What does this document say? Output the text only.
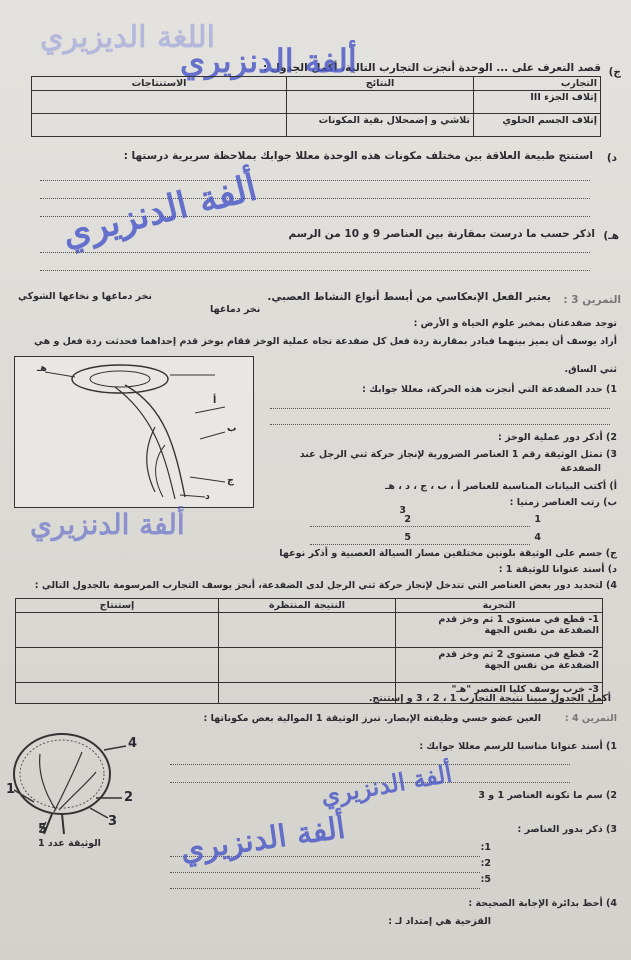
اللغة الديزيري
ج)
قصد التعرف على ... الوحدة أنجزت التجارب التالية، أكمل الجدول :
ألفة الدنزيري
التجارب	النتائج	الاستنتاجات
إتلاف الجزء III		
إتلاف الجسم الخلوي	تلاشي و إضمحلال بقية المكونات	
د)
استنتج طبيعة العلاقة بين مختلف مكونات هذه الوحدة معللا جوابك بملاحظة سريرية درستها :
ألفة الدنزيري	هـ)
اذكر حسب ما درست بمقارنة بين العناصر 9 و 10 من الرسم
التمرين 3 :
يعتبر الفعل الإنعكاسي من أبسط أنواع النشاط العصبي.
نخر دماغها و نخاعها الشوكي
نخر دماغها
توجد ضفدعتان بمخبر علوم الحياة و الأرض :
أراد يوسف أن يميز بينهما فبادر بمقارنة ردة فعل كل ضفدعة تجاه عملية الوخز فقام بوخز قدم إحداهما فحدثت ردة فعل و هي
ثني الساق.
أ
ب
ج
د
هـ
1) حدد الضفدعة التي أنجزت هذه الحركة، معللا جوابك :
2) أذكر دور عملية الوخز :
3) تمثل الوثيقة رقم 1 العناصر الضرورية لإنجاز حركة ثني الرجل عند
الضفدعة
أ) أكتب البيانات المناسبة للعناصر أ ، ب ، ج ، د ، هـ
ب) رتب العناصر زمنيا :
1
2
3
4
5
ج) جسم على الوثيقة بلونين مختلفين مسار السيالة العصبية و أذكر نوعها
د) أسند عنوانا للوثيقة 1 :
4) لتحديد دور بعض العناصر التي تتدخل لإنجاز حركة ثني الرجل لدى الضفدعة، أنجز يوسف التجارب المرسومة بالجدول التالي :
ألفة الدنزيري
التجربة	النتيجة المنتظرة	إستنتاج
1- قطع في مستوى 1 ثم وخز قدم الضفدعة من نفس الجهة		
2- قطع في مستوى 2 ثم وخز قدم الضفدعة من نفس الجهة		
3- خرب يوسف كليا العنصر "هـ"		
أكمل الجدول مبينا نتيجة التجارب 1 ، 2 ، 3 و إستنتج.
التمرين 4 :
العين عضو حسي وظيفته الإبصار. تبرز الوثيقة 1 الموالية بعض مكوناتها :
1) أسند عنوانا مناسبا للرسم معللا جوابك :
2) سم ما تكونه العناصر 1 و 3
3) ذكر بدور العناصر :
1:
2:
5:
4) أحط بدائرة الإجابة الصحيحة :
القزحية هي إمتداد لـ :
4
2
3
1
5
الوثيقة عدد 1
ألفة الدنزيري
ألفة الدنزيري
